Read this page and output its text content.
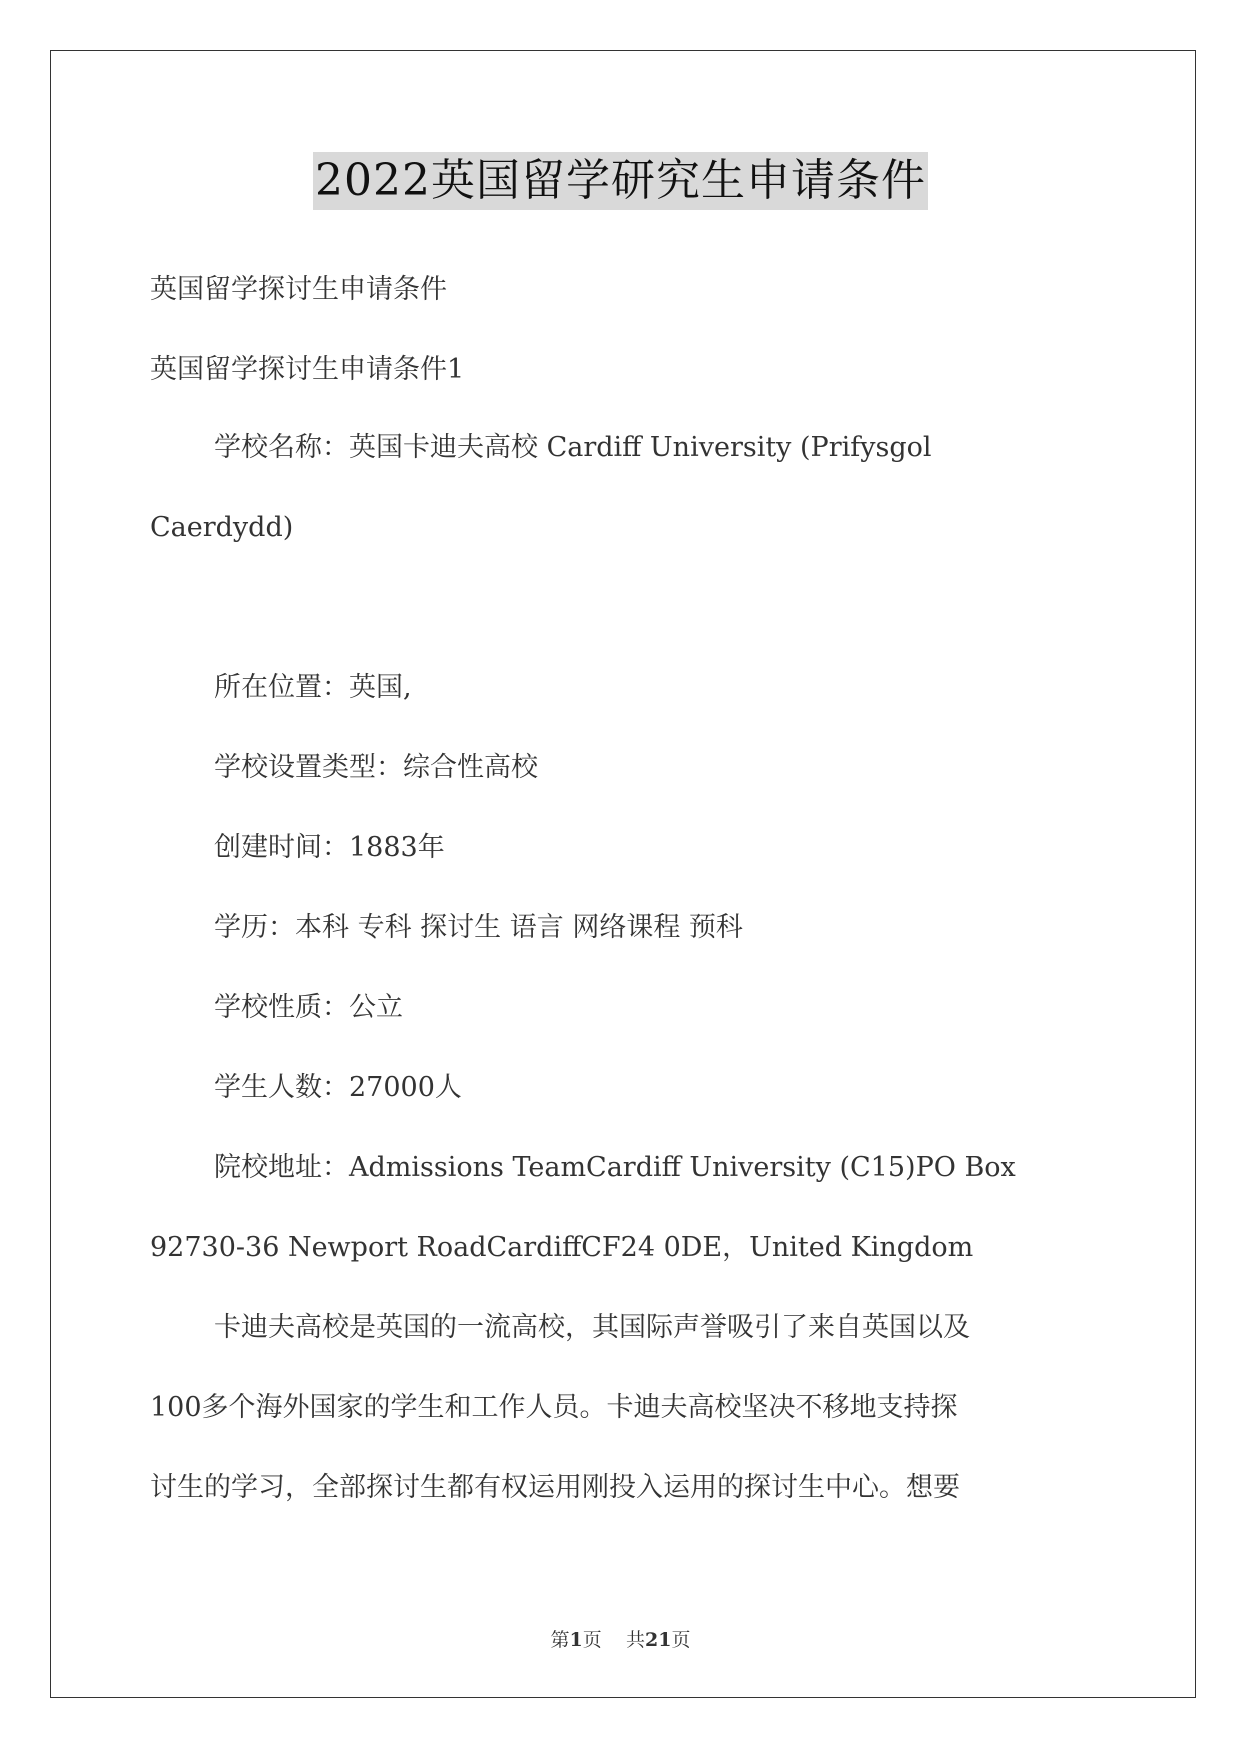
2022英国留学研究生申请条件
英国留学探讨生申请条件
英国留学探讨生申请条件1
学校名称：英国卡迪夫高校 Cardiff University (Prifysgol
Caerdydd)
所在位置：英国,
学校设置类型：综合性高校
创建时间：1883年
学历：本科 专科 探讨生 语言 网络课程 预科
学校性质：公立
学生人数：27000人
院校地址：Admissions TeamCardiff University (C15)PO Box
92730-36 Newport RoadCardiffCF24 0DE，United Kingdom
卡迪夫高校是英国的一流高校，其国际声誉吸引了来自英国以及
100多个海外国家的学生和工作人员。卡迪夫高校坚决不移地支持探
讨生的学习，全部探讨生都有权运用刚投入运用的探讨生中心。想要
第1页 共21页
